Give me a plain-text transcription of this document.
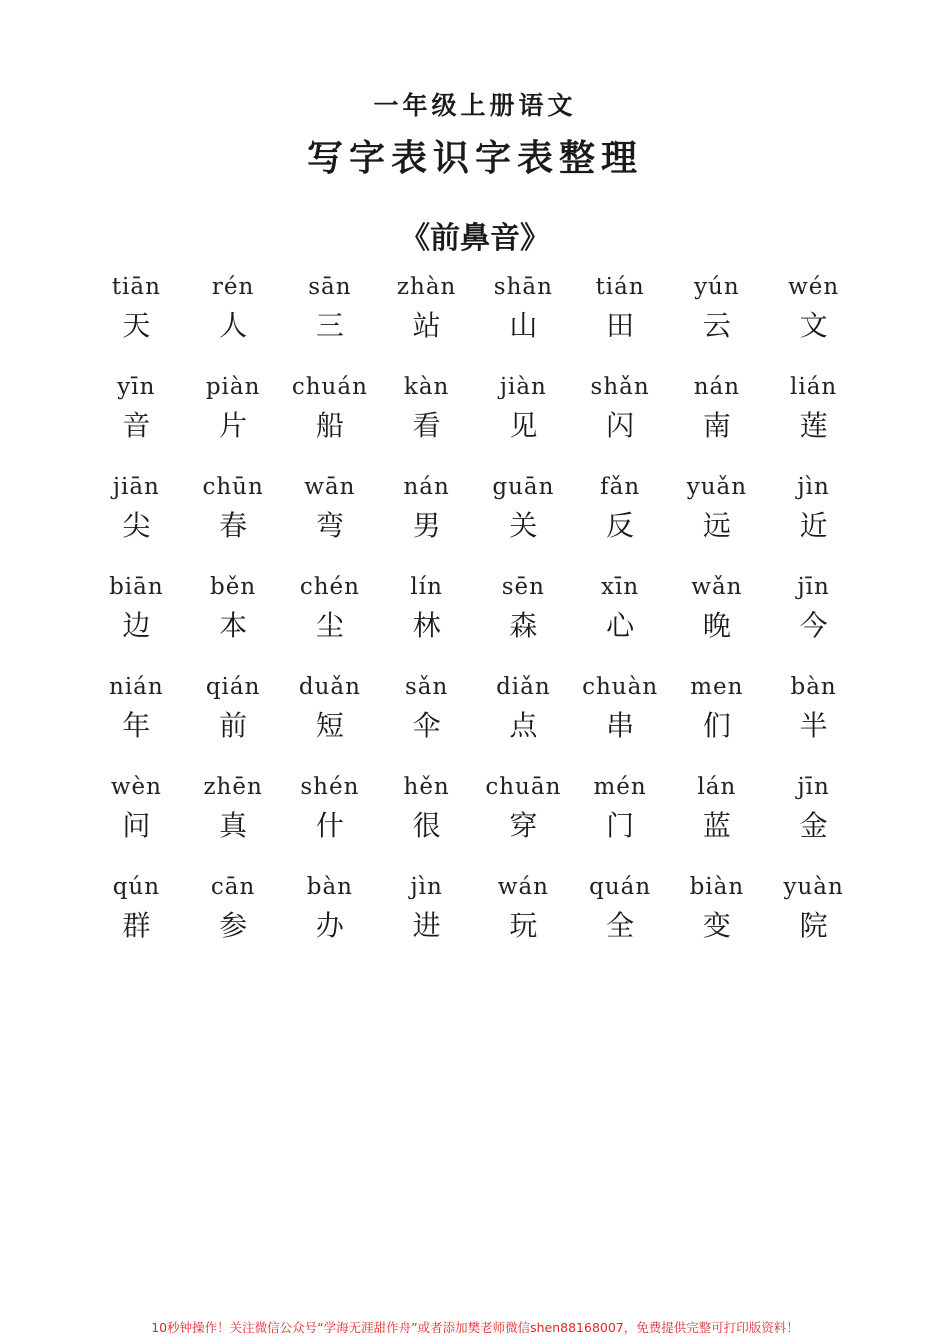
一年级上册语文
写字表识字表整理
《前鼻音》
tiān
天
rén
人
sān
三
zhàn
站
shān
山
tián
田
yún
云
wén
文
yīn
音
piàn
片
chuán
船
kàn
看
jiàn
见
shǎn
闪
nán
南
lián
莲
jiān
尖
chūn
春
wān
弯
nán
男
guān
关
fǎn
反
yuǎn
远
jìn
近
biān
边
běn
本
chén
尘
lín
林
sēn
森
xīn
心
wǎn
晚
jīn
今
nián
年
qián
前
duǎn
短
sǎn
伞
diǎn
点
chuàn
串
men
们
bàn
半
wèn
问
zhēn
真
shén
什
hěn
很
chuān
穿
mén
门
lán
蓝
jīn
金
qún
群
cān
参
bàn
办
jìn
进
wán
玩
quán
全
biàn
变
yuàn
院
10秒钟操作！关注微信公众号“学海无涯甜作舟”或者添加樊老师微信shen88168007，免费提供完整可打印版资料！
